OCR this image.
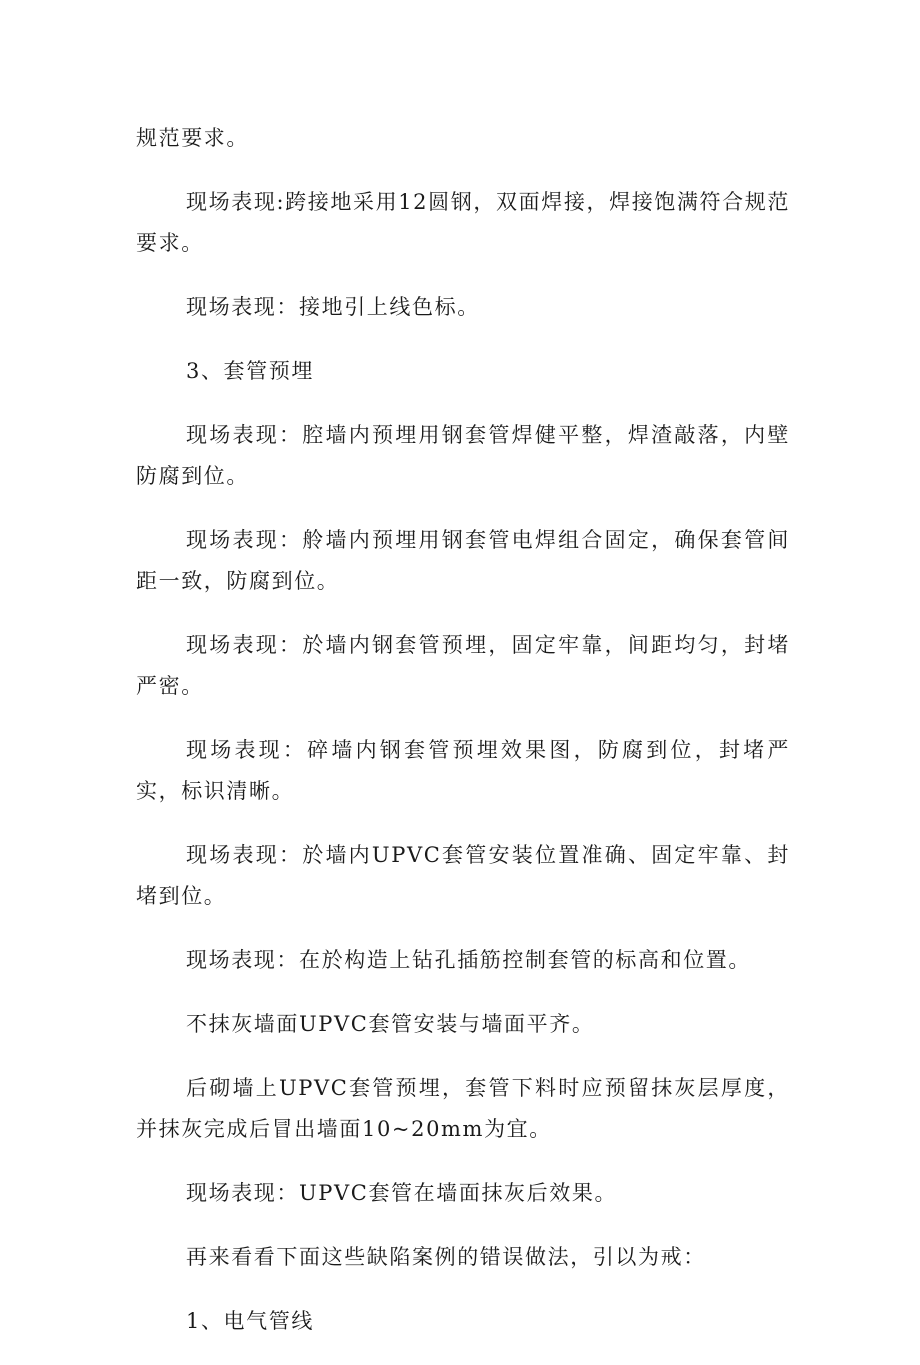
规范要求。

现场表现:跨接地采用12圆钢，双面焊接，焊接饱满符合规范要求。

现场表现：接地引上线色标。

3、套管预埋

现场表现：腔墙内预埋用钢套管焊健平整，焊渣敲落，内壁防腐到位。

现场表现：舲墙内预埋用钢套管电焊组合固定，确保套管间距一致，防腐到位。

现场表现：於墙内钢套管预埋，固定牢靠，间距均匀，封堵严密。

现场表现：碎墙内钢套管预埋效果图，防腐到位，封堵严实，标识清晰。

现场表现：於墙内UPVC套管安装位置准确、固定牢靠、封堵到位。

现场表现：在於构造上钻孔插筋控制套管的标高和位置。

不抹灰墙面UPVC套管安装与墙面平齐。

后砌墙上UPVC套管预埋，套管下料时应预留抹灰层厚度，并抹灰完成后冒出墙面10~20mm为宜。

现场表现：UPVC套管在墙面抹灰后效果。

再来看看下面这些缺陷案例的错误做法，引以为戒：

1、电气管线
